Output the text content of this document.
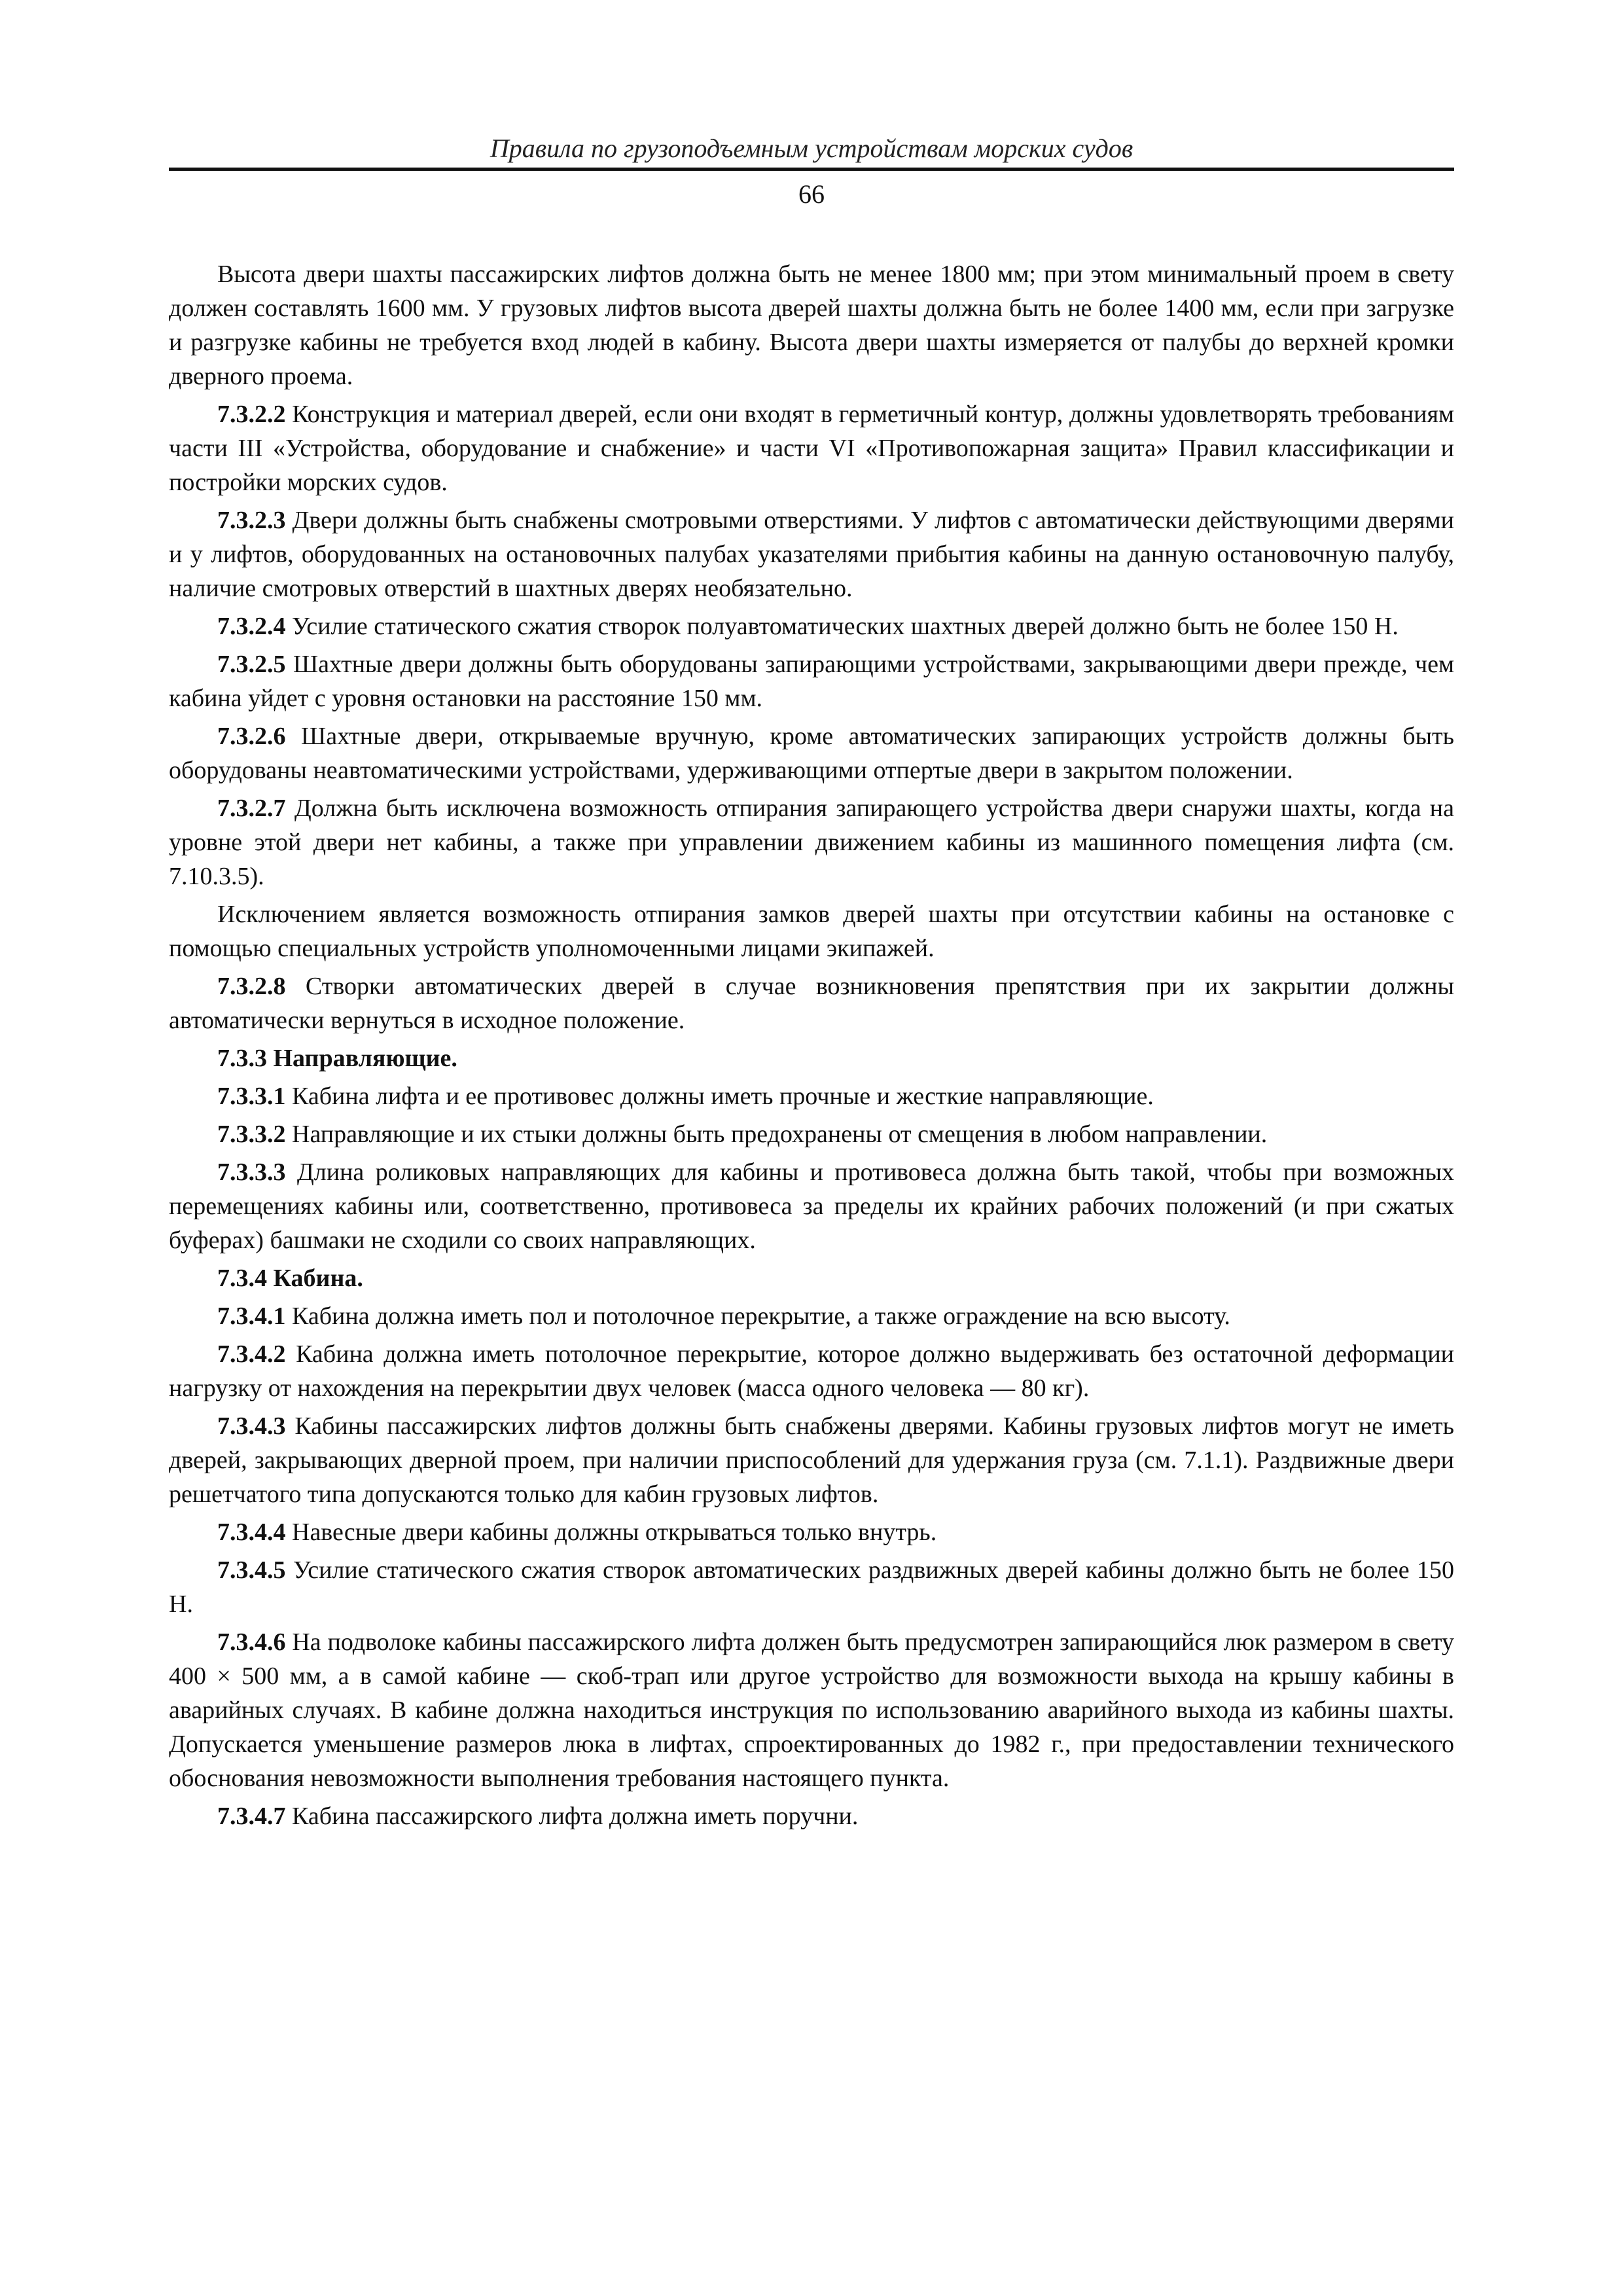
Правила по грузоподъемным устройствам морских судов
66

Высота двери шахты пассажирских лифтов должна быть не менее 1800 мм; при этом минимальный проем в свету должен составлять 1600 мм. У грузовых лифтов высота дверей шахты должна быть не более 1400 мм, если при загрузке и разгрузке кабины не требуется вход людей в кабину. Высота двери шахты измеряется от палубы до верхней кромки дверного проема.

7.3.2.2 Конструкция и материал дверей, если они входят в герметичный контур, должны удовлетворять требованиям части III «Устройства, оборудование и снабжение» и части VI «Противопожарная защита» Правил классификации и постройки морских судов.

7.3.2.3 Двери должны быть снабжены смотровыми отверстиями. У лифтов с автоматически действующими дверями и у лифтов, оборудованных на остановочных палубах указателями прибытия кабины на данную остановочную палубу, наличие смотровых отверстий в шахтных дверях необязательно.

7.3.2.4 Усилие статического сжатия створок полуавтоматических шахтных дверей должно быть не более 150 Н.

7.3.2.5 Шахтные двери должны быть оборудованы запирающими устройствами, закрывающими двери прежде, чем кабина уйдет с уровня остановки на расстояние 150 мм.

7.3.2.6 Шахтные двери, открываемые вручную, кроме автоматических запирающих устройств должны быть оборудованы неавтоматическими устройствами, удерживающими отпертые двери в закрытом положении.

7.3.2.7 Должна быть исключена возможность отпирания запирающего устройства двери снаружи шахты, когда на уровне этой двери нет кабины, а также при управлении движением кабины из машинного помещения лифта (см. 7.10.3.5).

Исключением является возможность отпирания замков дверей шахты при отсутствии кабины на остановке с помощью специальных устройств уполномоченными лицами экипажей.

7.3.2.8 Створки автоматических дверей в случае возникновения препятствия при их закрытии должны автоматически вернуться в исходное положение.

7.3.3 Направляющие.

7.3.3.1 Кабина лифта и ее противовес должны иметь прочные и жесткие направляющие.

7.3.3.2 Направляющие и их стыки должны быть предохранены от смещения в любом направлении.

7.3.3.3 Длина роликовых направляющих для кабины и противовеса должна быть такой, чтобы при возможных перемещениях кабины или, соответственно, противовеса за пределы их крайних рабочих положений (и при сжатых буферах) башмаки не сходили со своих направляющих.

7.3.4 Кабина.

7.3.4.1 Кабина должна иметь пол и потолочное перекрытие, а также ограждение на всю высоту.

7.3.4.2 Кабина должна иметь потолочное перекрытие, которое должно выдерживать без остаточной деформации нагрузку от нахождения на перекрытии двух человек (масса одного человека — 80 кг).

7.3.4.3 Кабины пассажирских лифтов должны быть снабжены дверями. Кабины грузовых лифтов могут не иметь дверей, закрывающих дверной проем, при наличии приспособлений для удержания груза (см. 7.1.1). Раздвижные двери решетчатого типа допускаются только для кабин грузовых лифтов.

7.3.4.4 Навесные двери кабины должны открываться только внутрь.

7.3.4.5 Усилие статического сжатия створок автоматических раздвижных дверей кабины должно быть не более 150 Н.

7.3.4.6 На подволоке кабины пассажирского лифта должен быть предусмотрен запирающийся люк размером в свету 400 × 500 мм, а в самой кабине — скоб-трап или другое устройство для возможности выхода на крышу кабины в аварийных случаях. В кабине должна находиться инструкция по использованию аварийного выхода из кабины шахты. Допускается уменьшение размеров люка в лифтах, спроектированных до 1982 г., при предоставлении технического обоснования невозможности выполнения требования настоящего пункта.

7.3.4.7 Кабина пассажирского лифта должна иметь поручни.
